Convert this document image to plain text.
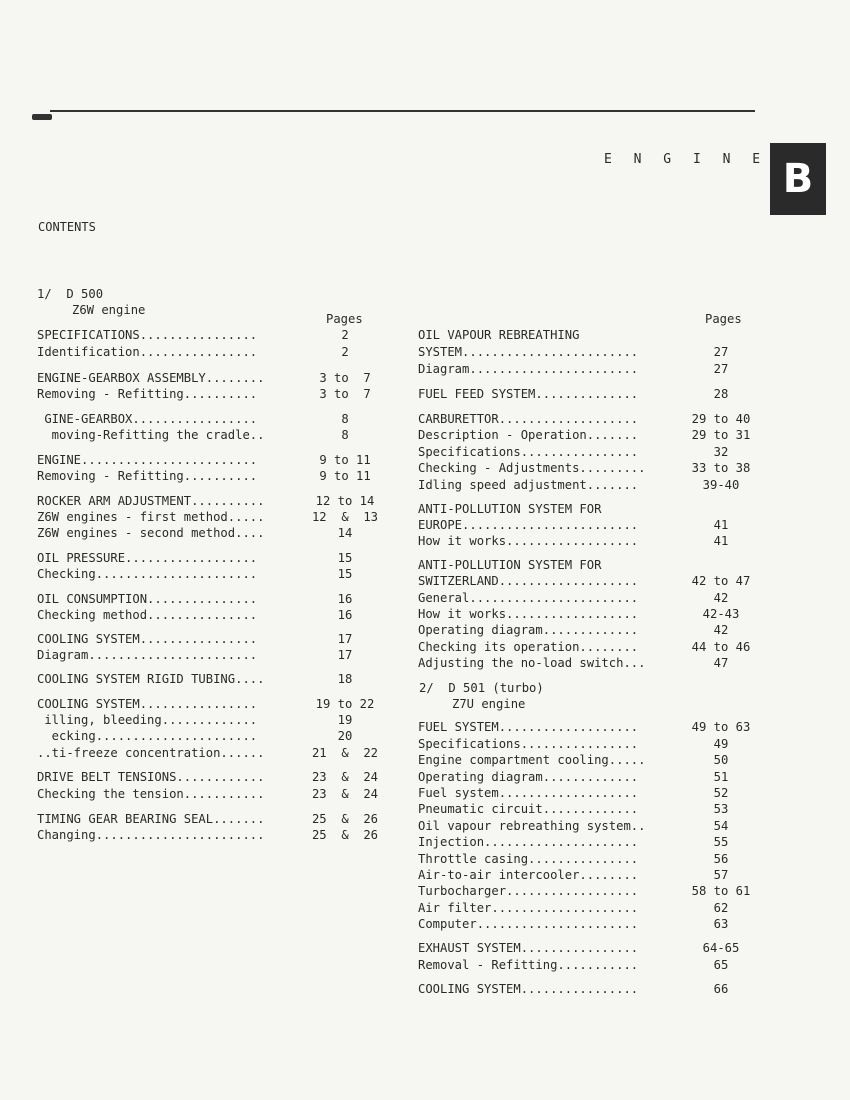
E N G I N E B
CONTENTS
1/  D 500
Z6W engine
Pages	Pages
SPECIFICATIONS................	2
Identification................	2
ENGINE-GEARBOX ASSEMBLY........	3 to  7
Removing - Refitting..........	3 to  7
GINE-GEARBOX.................	8
moving-Refitting the cradle..	8
ENGINE........................	9 to 11
Removing - Refitting..........	9 to 11
ROCKER ARM ADJUSTMENT..........	12 to 14
Z6W engines - first method.....	12  &  13
Z6W engines - second method....	14
OIL PRESSURE..................	15
Checking......................	15
OIL CONSUMPTION...............	16
Checking method...............	16
COOLING SYSTEM................	17
Diagram.......................	17
COOLING SYSTEM RIGID TUBING....	18
COOLING SYSTEM................	19 to 22
illing, bleeding.............	19
ecking......................	20
..ti-freeze concentration......	21  &  22
DRIVE BELT TENSIONS............	23  &  24
Checking the tension...........	23  &  24
TIMING GEAR BEARING SEAL.......	25  &  26
Changing.......................	25  &  26
OIL VAPOUR REBREATHING
SYSTEM........................	27
Diagram.......................	27
FUEL FEED SYSTEM..............	28
CARBURETTOR...................	29 to 40
Description - Operation.......	29 to 31
Specifications................	32
Checking - Adjustments.........	33 to 38
Idling speed adjustment.......	39-40
ANTI-POLLUTION SYSTEM FOR
EUROPE........................	41
How it works..................	41
ANTI-POLLUTION SYSTEM FOR
SWITZERLAND...................	42 to 47
General.......................	42
How it works..................	42-43
Operating diagram.............	42
Checking its operation........	44 to 46
Adjusting the no-load switch...	47
FUEL SYSTEM...................	49 to 63
Specifications................	49
Engine compartment cooling.....	50
Operating diagram.............	51
Fuel system...................	52
Pneumatic circuit.............	53
Oil vapour rebreathing system..	54
Injection.....................	55
Throttle casing...............	56
Air-to-air intercooler........	57
Turbocharger..................	58 to 61
Air filter....................	62
Computer......................	63
EXHAUST SYSTEM................	64-65
Removal - Refitting...........	65
COOLING SYSTEM................	66
2/  D 501 (turbo)
Z7U engine
